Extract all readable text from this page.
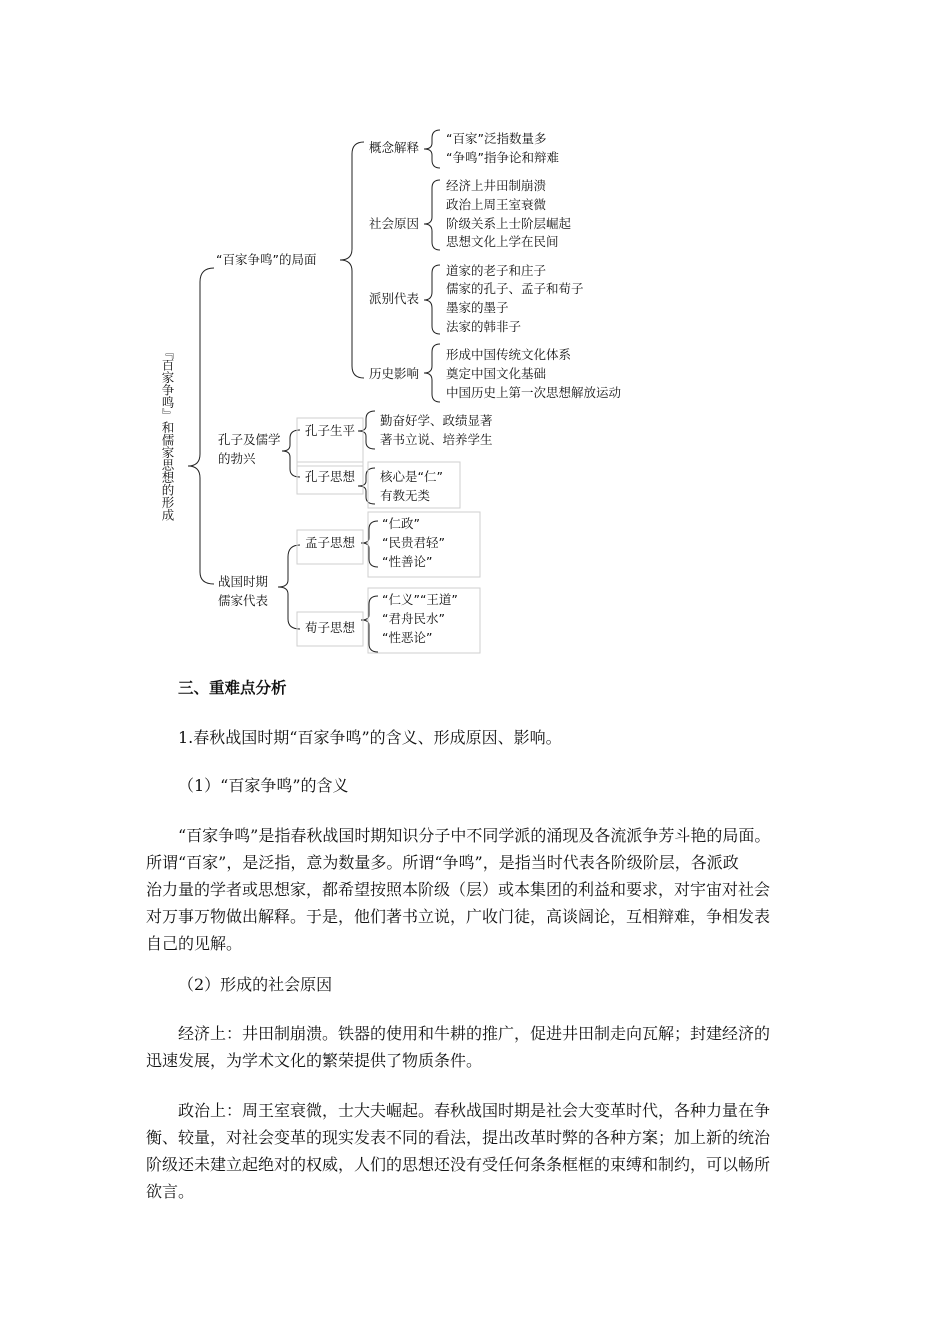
『百家争鸣』和儒家思想的形成
“百家争鸣”的局面
概念解释
“百家”泛指数量多
“争鸣”指争论和辩难
社会原因
经济上井田制崩溃
政治上周王室衰微
阶级关系上士阶层崛起
思想文化上学在民间
派别代表
道家的老子和庄子
儒家的孔子、孟子和荀子
墨家的墨子
法家的韩非子
历史影响
形成中国传统文化体系
奠定中国文化基础
中国历史上第一次思想解放运动
孔子及儒学
的勃兴
孔子生平
勤奋好学、政绩显著
著书立说、培养学生
孔子思想 核心是“仁”
有教无类
战国时期
儒家代表
孟子思想
“仁政”
“民贵君轻”
“性善论”
荀子思想
“仁义”“王道”
“君舟民水”
“性恶论”
三、重难点分析
1.春秋战国时期“百家争鸣”的含义、形成原因、影响。
（1）“百家争鸣”的含义
“百家争鸣”是指春秋战国时期知识分子中不同学派的涌现及各流派争芳斗艳的局面。
所谓“百家”，是泛指，意为数量多。所谓“争鸣”，是指当时代表各阶级阶层，各派政
治力量的学者或思想家，都希望按照本阶级（层）或本集团的利益和要求，对宇宙对社会
对万事万物做出解释。于是，他们著书立说，广收门徒，高谈阔论，互相辩难，争相发表
自己的见解。
（2）形成的社会原因
经济上：井田制崩溃。铁器的使用和牛耕的推广，促进井田制走向瓦解；封建经济的
迅速发展，为学术文化的繁荣提供了物质条件。
政治上：周王室衰微，士大夫崛起。春秋战国时期是社会大变革时代，各种力量在争
衡、较量，对社会变革的现实发表不同的看法，提出改革时弊的各种方案；加上新的统治
阶级还未建立起绝对的权威，人们的思想还没有受任何条条框框的束缚和制约，可以畅所
欲言。
